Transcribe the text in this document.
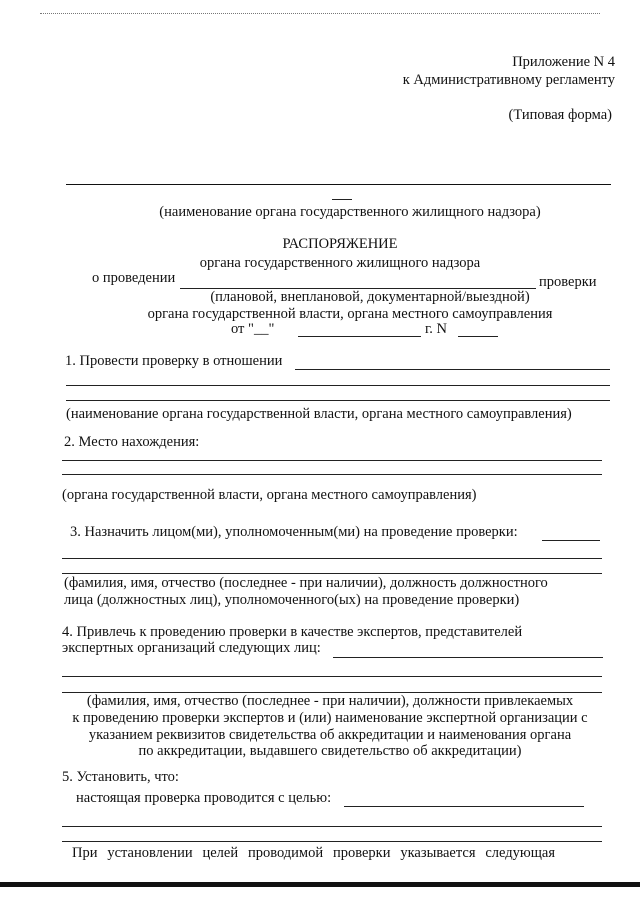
Приложение N 4
к Административному регламенту
(Типовая форма)
(наименование органа государственного жилищного надзора)
РАСПОРЯЖЕНИЕ
органа государственного жилищного надзора
о проведении	проверки
(плановой, внеплановой, документарной/выездной)
органа государственной власти, органа местного самоуправления
от "__"	г. N
1. Провести проверку в отношении
(наименование органа государственной власти, органа местного самоуправления)
2. Место нахождения:
(органа государственной власти, органа местного самоуправления)
3. Назначить лицом(ми), уполномоченным(ми) на проведение проверки:
(фамилия, имя, отчество (последнее - при наличии), должность должностного
лица (должностных лиц), уполномоченного(ых) на проведение проверки)
4. Привлечь к проведению проверки в качестве экспертов, представителей
экспертных организаций следующих лиц:
(фамилия, имя, отчество (последнее - при наличии), должности привлекаемых
к проведению проверки экспертов и (или) наименование экспертной организации с
указанием реквизитов свидетельства об аккредитации и наименования органа
по аккредитации, выдавшего свидетельство об аккредитации)
5. Установить, что:
настоящая проверка проводится с целью:
При установлении целей проводимой проверки указывается следующая
